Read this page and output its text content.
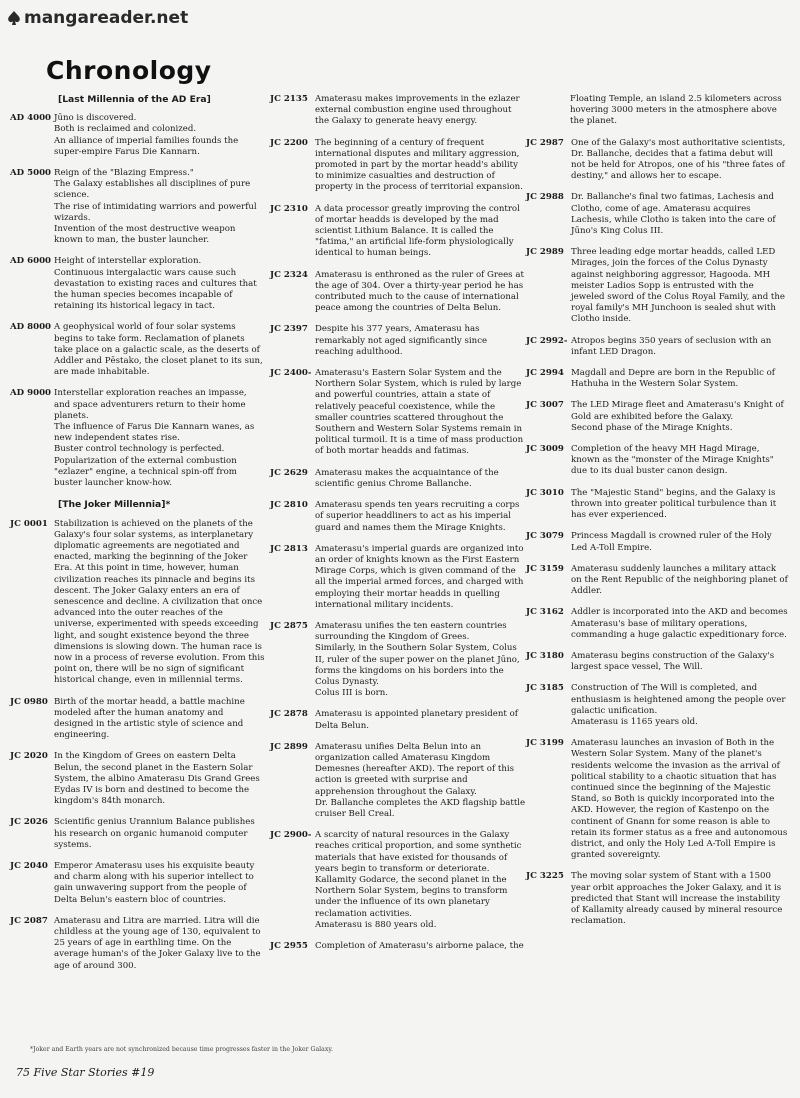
mangareader.net
Chronology
[Last Millennia of the AD Era]
AD 4000 Jūno is discovered.
Both is reclaimed and colonized.
An alliance of imperial families founds the super-empire Farus Die Kannarn.
AD 5000 Reign of the "Blazing Empress."
The Galaxy establishes all disciplines of pure science.
The rise of intimidating warriors and powerful wizards.
Invention of the most destructive weapon known to man, the buster launcher.
AD 6000 Height of interstellar exploration.
Continuous intergalactic wars cause such devastation to existing races and cultures that the human species becomes incapable of retaining its historical legacy in tact.
AD 8000 A geophysical world of four solar systems begins to take form. Reclamation of planets take place on a galactic scale, as the deserts of Addler and Pēstako, the closet planet to its sun, are made inhabitable.
AD 9000 Interstellar exploration reaches an impasse, and space adventurers return to their home planets.
The influence of Farus Die Kannarn wanes, as new independent states rise.
Buster control technology is perfected.
Popularization of the external combustion "ezlazer" engine, a technical spin-off from buster launcher know-how.
[The Joker Millennia]*
JC 0001 Stabilization is achieved on the planets of the Galaxy's four solar systems, as interplanetary diplomatic agreements are negotiated and enacted, marking the beginning of the Joker Era. At this point in time, however, human civilization reaches its pinnacle and begins its descent. The Joker Galaxy enters an era of senescence and decline. A civilization that once advanced into the outer reaches of the universe, experimented with speeds exceeding light, and sought existence beyond the three dimensions is slowing down. The human race is now in a process of reverse evolution. From this point on, there will be no sign of significant historical change, even in millennial terms.
JC 0980 Birth of the mortar headd, a battle machine modeled after the human anatomy and designed in the artistic style of science and engineering.
JC 2020 In the Kingdom of Grees on eastern Delta Belun, the second planet in the Eastern Solar System, the albino Amaterasu Dis Grand Grees Eydas IV is born and destined to become the kingdom's 84th monarch.
JC 2026 Scientific genius Urannium Balance publishes his research on organic humanoid computer systems.
JC 2040 Emperor Amaterasu uses his exquisite beauty and charm along with his superior intellect to gain unwavering support from the people of Delta Belun's eastern bloc of countries.
JC 2087 Amaterasu and Litra are married. Litra will die childless at the young age of 130, equivalent to 25 years of age in earthling time. On the average human's of the Joker Galaxy live to the age of around 300.
JC 2135 Amaterasu makes improvements in the ezlazer external combustion engine used throughout the Galaxy to generate heavy energy.
JC 2200 The beginning of a century of frequent international disputes and military aggression, promoted in part by the mortar headd's ability to minimize casualties and destruction of property in the process of territorial expansion.
JC 2310 A data processor greatly improving the control of mortar headds is developed by the mad scientist Lithium Balance. It is called the "fatima," an artificial life-form physiologically identical to human beings.
JC 2324 Amaterasu is enthroned as the ruler of Grees at the age of 304. Over a thirty-year period he has contributed much to the cause of international peace among the countries of Delta Belun.
JC 2397 Despite his 377 years, Amaterasu has remarkably not aged significantly since reaching adulthood.
JC 2400- Amaterasu's Eastern Solar System and the Northern Solar System, which is ruled by large and powerful countries, attain a state of relatively peaceful coexistence, while the smaller countries scattered throughout the Southern and Western Solar Systems remain in political turmoil. It is a time of mass production of both mortar headds and fatimas.
JC 2629 Amaterasu makes the acquaintance of the scientific genius Chrome Ballanche.
JC 2810 Amaterasu spends ten years recruiting a corps of superior headdliners to act as his imperial guard and names them the Mirage Knights.
JC 2813 Amaterasu's imperial guards are organized into an order of knights known as the First Eastern Mirage Corps, which is given command of the all the imperial armed forces, and charged with employing their mortar headds in quelling international military incidents.
JC 2875 Amaterasu unifies the ten eastern countries surrounding the Kingdom of Grees.
Similarly, in the Southern Solar System, Colus II, ruler of the super power on the planet Jūno, forms the kingdoms on his borders into the Colus Dynasty.
Colus III is born.
JC 2878 Amaterasu is appointed planetary president of Delta Belun.
JC 2899 Amaterasu unifies Delta Belun into an organization called Amaterasu Kingdom Demesnes (hereafter AKD). The report of this action is greeted with surprise and apprehension throughout the Galaxy.
Dr. Ballanche completes the AKD flagship battle cruiser Bell Creal.
JC 2900- A scarcity of natural resources in the Galaxy reaches critical proportion, and some synthetic materials that have existed for thousands of years begin to transform or deteriorate.
Kallamity Godarce, the second planet in the Northern Solar System, begins to transform under the influence of its own planetary reclamation activities.
Amaterasu is 880 years old.
JC 2955 Completion of Amaterasu's airborne palace, the
Floating Temple, an island 2.5 kilometers across hovering 3000 meters in the atmosphere above the planet.
JC 2987 One of the Galaxy's most authoritative scientists, Dr. Ballanche, decides that a fatima debut will not be held for Atropos, one of his "three fates of destiny," and allows her to escape.
JC 2988 Dr. Ballanche's final two fatimas, Lachesis and Clotho, come of age. Amaterasu acquires Lachesis, while Clotho is taken into the care of Jūno's King Colus III.
JC 2989 Three leading edge mortar headds, called LED Mirages, join the forces of the Colus Dynasty against neighboring aggressor, Hagooda. MH meister Ladios Sopp is entrusted with the jeweled sword of the Colus Royal Family, and the royal family's MH Junchoon is sealed shut with Clotho inside.
JC 2992- Atropos begins 350 years of seclusion with an infant LED Dragon.
JC 2994 Magdall and Depre are born in the Republic of Hathuha in the Western Solar System.
JC 3007 The LED Mirage fleet and Amaterasu's Knight of Gold are exhibited before the Galaxy.
Second phase of the Mirage Knights.
JC 3009 Completion of the heavy MH Hagd Mirage, known as the "monster of the Mirage Knights" due to its dual buster canon design.
JC 3010 The "Majestic Stand" begins, and the Galaxy is thrown into greater political turbulence than it has ever experienced.
JC 3079 Princess Magdall is crowned ruler of the Holy Led A-Toll Empire.
JC 3159 Amaterasu suddenly launches a military attack on the Rent Republic of the neighboring planet of Addler.
JC 3162 Addler is incorporated into the AKD and becomes Amaterasu's base of military operations, commanding a huge galactic expeditionary force.
JC 3180 Amaterasu begins construction of the Galaxy's largest space vessel, The Will.
JC 3185 Construction of The Will is completed, and enthusiasm is heightened among the people over galactic unification.
Amaterasu is 1165 years old.
JC 3199 Amaterasu launches an invasion of Both in the Western Solar System. Many of the planet's residents welcome the invasion as the arrival of political stability to a chaotic situation that has continued since the beginning of the Majestic Stand, so Both is quickly incorporated into the AKD. However, the region of Kastenpo on the continent of Gnann for some reason is able to retain its former status as a free and autonomous district, and only the Holy Led A-Toll Empire is granted sovereignty.
JC 3225 The moving solar system of Stant with a 1500 year orbit approaches the Joker Galaxy, and it is predicted that Stant will increase the instability of Kallamity already caused by mineral resource reclamation.
*Joker and Earth years are not synchronized because time progresses faster in the Joker Galaxy.
75 Five Star Stories #19
